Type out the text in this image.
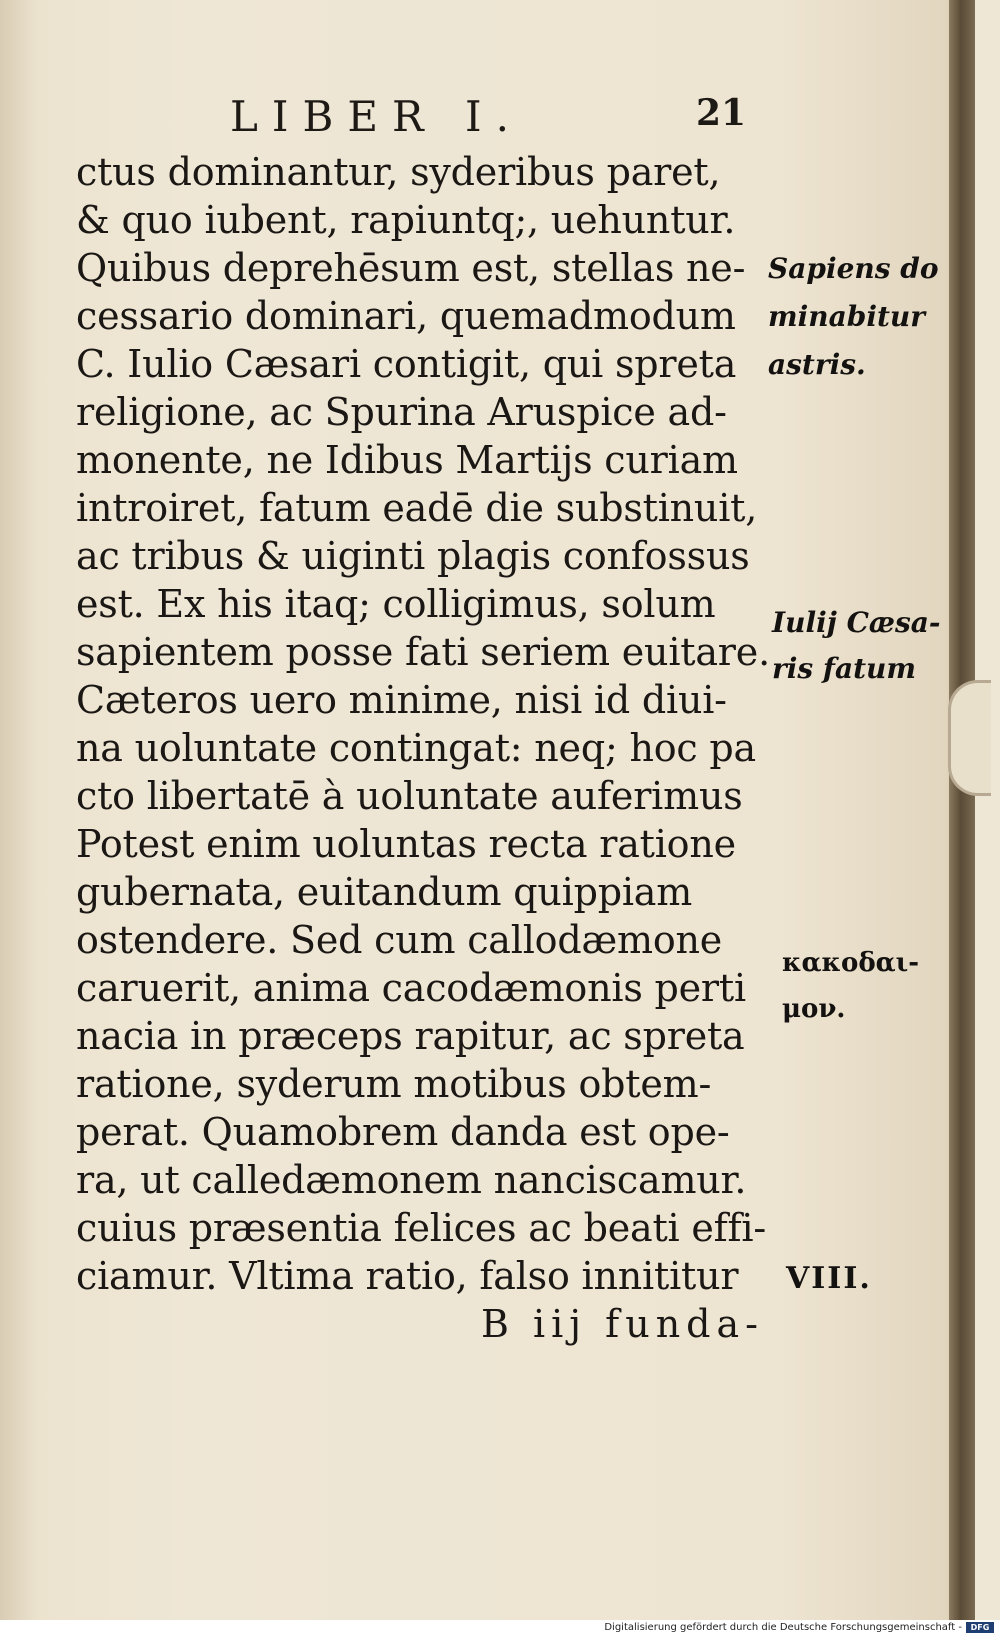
LIBER I.	21
ctus dominantur, syderibus paret,
& quo iubent, rapiuntq;, uehuntur.
Quibus deprehēsum est, stellas ne-
cessario dominari, quemadmodum
C. Iulio Cæsari contigit, qui spreta
religione, ac Spurina Aruspice ad-
monente, ne Idibus Martijs curiam
introiret, fatum eadē die substinuit,
ac tribus & uiginti plagis confossus
est. Ex his itaq; colligimus, solum
sapientem posse fati seriem euitare.
Cæteros uero minime, nisi id diui-
na uoluntate contingat: neq; hoc pa
cto libertatē à uoluntate auferimus
Potest enim uoluntas recta ratione
gubernata, euitandum quippiam
ostendere. Sed cum callodæmone
caruerit, anima cacodæmonis perti
nacia in præceps rapitur, ac spreta
ratione, syderum motibus obtem-
perat. Quamobrem danda est ope-
ra, ut calledæmonem nanciscamur.
cuius præsentia felices ac beati effi-
ciamur. Vltima ratio, falso innititur
B iij funda-
Sapiens do
minabitur
astris.
Iulij Cæsa-
ris fatum
κακοδαι-
μον.
VIII.
Digitalisierung gefördert durch die Deutsche Forschungsgemeinschaft -	DFG
